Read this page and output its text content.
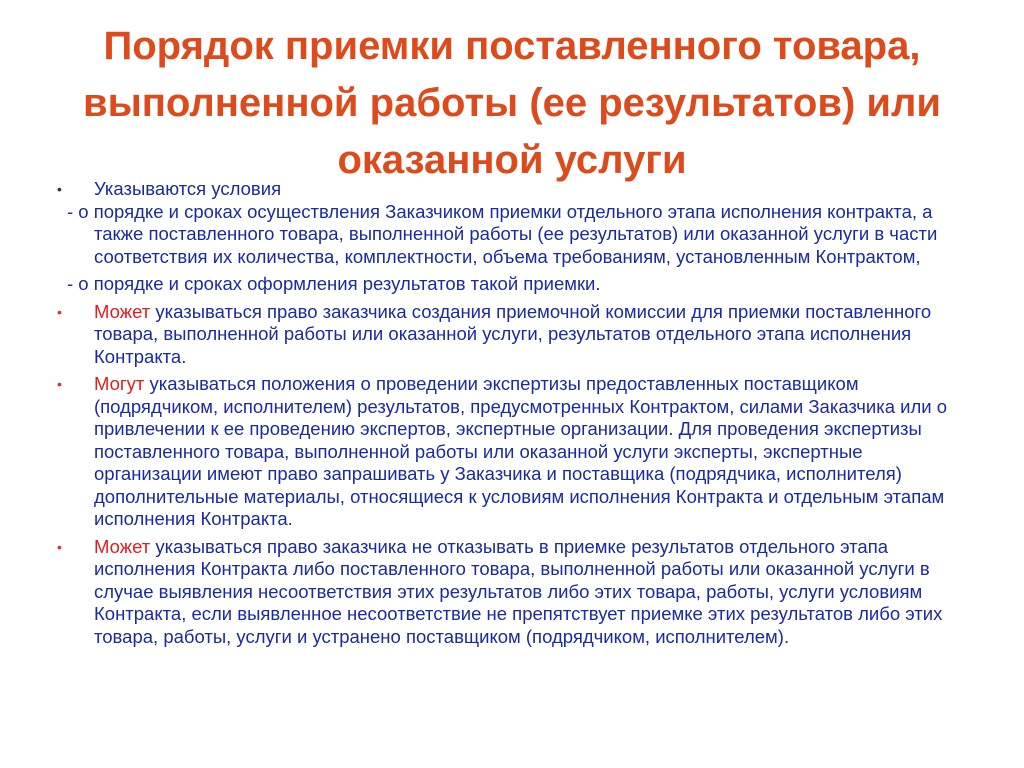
Порядок приемки поставленного товара, выполненной работы (ее результатов) или оказанной услуги
• Указываются условия
- о порядке и сроках осуществления Заказчиком приемки отдельного этапа исполнения контракта, а также поставленного товара, выполненной работы (ее результатов) или оказанной услуги в части соответствия их количества, комплектности, объема требованиям, установленным Контрактом,
- о порядке и сроках оформления результатов такой приемки.
• Может указываться право заказчика создания приемочной комиссии для приемки поставленного товара, выполненной работы или оказанной услуги, результатов отдельного этапа исполнения Контракта.
• Могут указываться положения о проведении экспертизы предоставленных поставщиком (подрядчиком, исполнителем) результатов, предусмотренных Контрактом, силами Заказчика или о привлечении к ее проведению экспертов, экспертные организации. Для проведения экспертизы поставленного товара, выполненной работы или оказанной услуги эксперты, экспертные организации имеют право запрашивать у Заказчика и поставщика (подрядчика, исполнителя) дополнительные материалы, относящиеся к условиям исполнения Контракта и отдельным этапам исполнения Контракта.
• Может указываться право заказчика не отказывать в приемке результатов отдельного этапа исполнения Контракта либо поставленного товара, выполненной работы или оказанной услуги в случае выявления несоответствия этих результатов либо этих товара, работы, услуги условиям Контракта, если выявленное несоответствие не препятствует приемке этих результатов либо этих товара, работы, услуги и устранено поставщиком (подрядчиком, исполнителем).
